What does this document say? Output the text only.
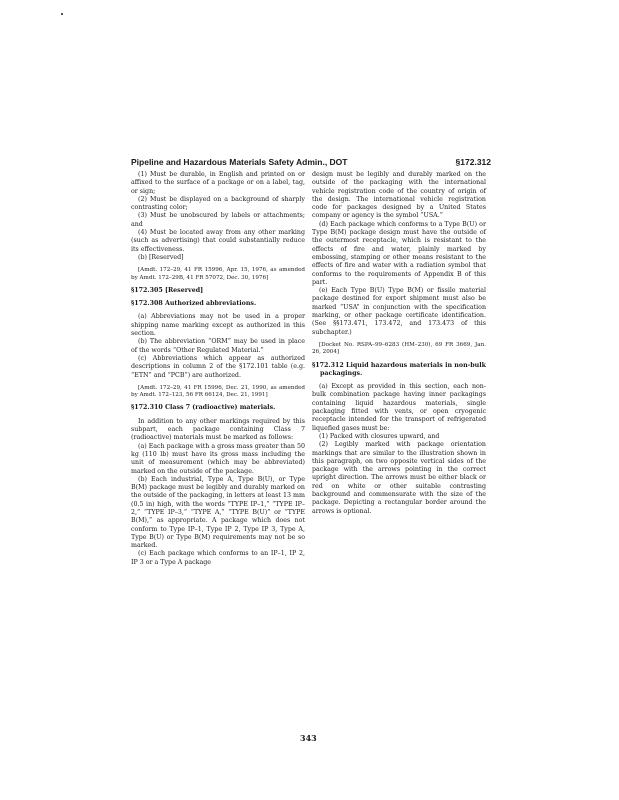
Pipeline and Hazardous Materials Safety Admin., DOT	§172.312

(1) Must be durable, in English and printed on or affixed to the surface of a package or on a label, tag, or sign;

(2) Must be displayed on a background of sharply contrasting color;

(3) Must be unobscured by labels or attachments; and

(4) Must be located away from any other marking (such as advertising) that could substantially reduce its effectiveness.

(b) [Reserved]

[Amdt. 172–29, 41 FR 15996, Apr. 15, 1976, as amended by Amdt. 172–29B, 41 FR 57072, Dec. 30, 1976]

§172.305 [Reserved]

§172.308 Authorized abbreviations.

(a) Abbreviations may not be used in a proper shipping name marking except as authorized in this section.

(b) The abbreviation “ORM” may be used in place of the words “Other Regulated Material.”

(c) Abbreviations which appear as authorized descriptions in column 2 of the §172.101 table (e.g. “ETN” and “PCB”) are authorized.

[Amdt. 172–29, 41 FR 15996, Dec. 21, 1990, as amended by Amdt. 172–123, 56 FR 66124, Dec. 21, 1991]

§172.310 Class 7 (radioactive) materials.

In addition to any other markings required by this subpart, each package containing Class 7 (radioactive) materials must be marked as follows:

(a) Each package with a gross mass greater than 50 kg (110 lb) must have its gross mass including the unit of measurement (which may be abbreviated) marked on the outside of the package.

(b) Each industrial, Type A, Type B(U), or Type B(M) package must be legibly and durably marked on the outside of the packaging, in letters at least 13 mm (0.5 in) high, with the words “TYPE IP–1,” “TYPE IP–2,” “TYPE IP–3,” “TYPE A,” “TYPE B(U)” or “TYPE B(M),” as appropriate. A package which does not conform to Type IP–1, Type IP 2, Type IP 3, Type A, Type B(U) or Type B(M) requirements may not be so marked.

(c) Each package which conforms to an IP–1, IP 2, IP 3 or a Type A package

design must be legibly and durably marked on the outside of the packaging with the international vehicle registration code of the country of origin of the design. The international vehicle registration code for packages designed by a United States company or agency is the symbol “USA.”

(d) Each package which conforms to a Type B(U) or Type B(M) package design must have the outside of the outermost receptacle, which is resistant to the effects of fire and water, plainly marked by embossing, stamping or other means resistant to the effects of fire and water with a radiation symbol that conforms to the requirements of Appendix B of this part.

(e) Each Type B(U) Type B(M) or fissile material package destined for export shipment must also be marked “USA” in conjunction with the specification marking, or other package certificate identification. (See §§173.471, 173.472, and 173.473 of this subchapter.)

[Docket No. RSPA–99–6283 (HM–230), 69 FR 3669, Jan. 26, 2004]

§172.312 Liquid hazardous materials in non-bulk packagings.

(a) Except as provided in this section, each non-bulk combination package having inner packagings containing liquid hazardous materials, single packaging fitted with vents, or open cryogenic receptacle intended for the transport of refrigerated liquefied gases must be:

(1) Packed with closures upward, and

(2) Legibly marked with package orientation markings that are similar to the illustration shown in this paragraph, on two opposite vertical sides of the package with the arrows pointing in the correct upright direction. The arrows must be either black or red on white or other suitable contrasting background and commensurate with the size of the package. Depicting a rectangular border around the arrows is optional.

343
